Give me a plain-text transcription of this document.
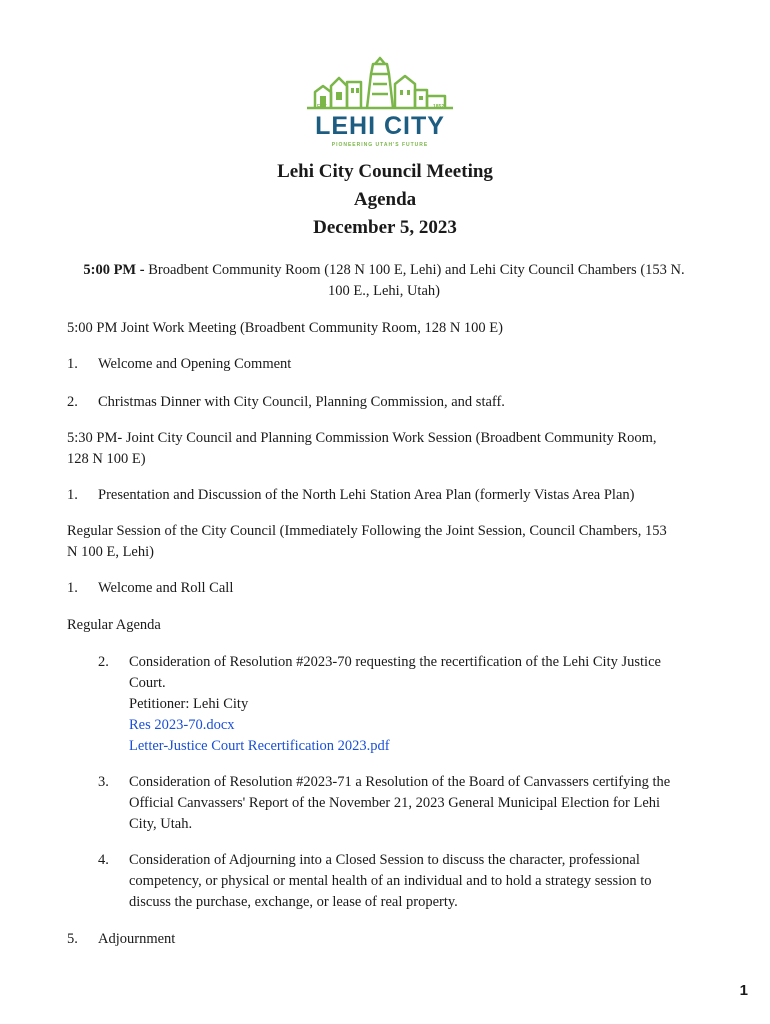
EST	1852
LEHI CITY
PIONEERING UTAH'S FUTURE
Lehi City Council Meeting
Agenda
December 5, 2023
5:00 PM - Broadbent Community Room (128 N 100 E, Lehi) and Lehi City Council Chambers (153 N.
100 E., Lehi, Utah)
5:00 PM Joint Work Meeting (Broadbent Community Room, 128 N 100 E)
1. Welcome and Opening Comment
2. Christmas Dinner with City Council, Planning Commission, and staff.
5:30 PM- Joint City Council and Planning Commission Work Session (Broadbent Community Room,
128 N 100 E)
1. Presentation and Discussion of the North Lehi Station Area Plan (formerly Vistas Area Plan)
Regular Session of the City Council (Immediately Following the Joint Session, Council Chambers, 153
N 100 E, Lehi)
1. Welcome and Roll Call
Regular Agenda
2. Consideration of Resolution #2023-70 requesting the recertification of the Lehi City Justice
Court.
Petitioner: Lehi City
Res 2023-70.docx
Letter-Justice Court Recertification 2023.pdf
3. Consideration of Resolution #2023-71 a Resolution of the Board of Canvassers certifying the
Official Canvassers' Report of the November 21, 2023 General Municipal Election for Lehi
City, Utah.
4. Consideration of Adjourning into a Closed Session to discuss the character, professional
competency, or physical or mental health of an individual and to hold a strategy session to
discuss the purchase, exchange, or lease of real property.
5. Adjournment
1
